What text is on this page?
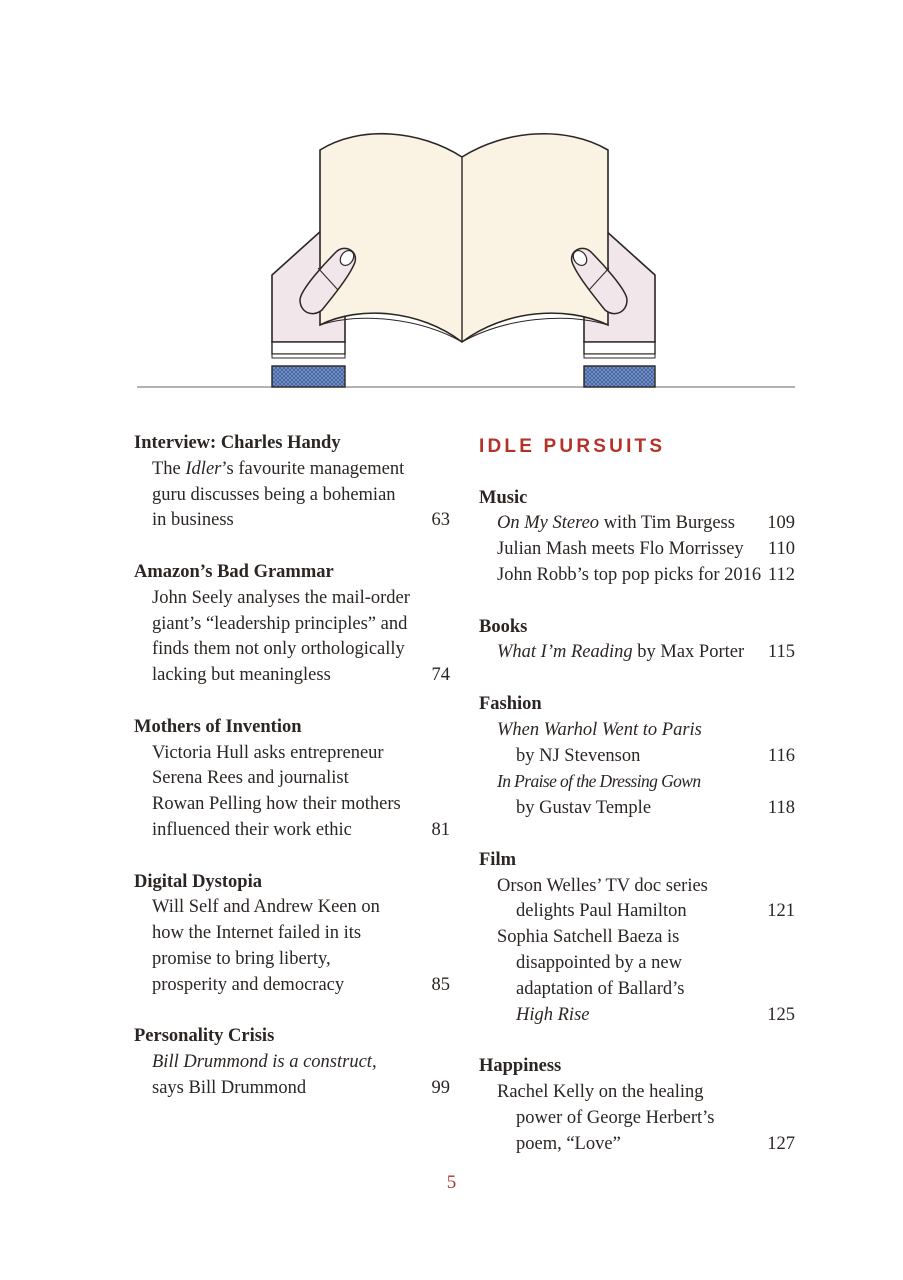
Interview: Charles Handy
The Idler’s favourite management
guru discusses being a bohemian
in business	63
Amazon’s Bad Grammar
John Seely analyses the mail-order
giant’s “leadership principles” and
finds them not only orthologically
lacking but meaningless	74
Mothers of Invention
Victoria Hull asks entrepreneur
Serena Rees and journalist
Rowan Pelling how their mothers
influenced their work ethic	81
Digital Dystopia
Will Self and Andrew Keen on
how the Internet failed in its
promise to bring liberty,
prosperity and democracy	85
Personality Crisis
Bill Drummond is a construct,
says Bill Drummond	99
IDLE PURSUITS
Music
On My Stereo with Tim Burgess 109
Julian Mash meets Flo Morrissey 110
John Robb’s top pop picks for 2016 112
Books
What I’m Reading by Max Porter 115
Fashion
When Warhol Went to Paris
by NJ Stevenson	116
In Praise of the Dressing Gown
by Gustav Temple	118
Film
Orson Welles’ TV doc series
delights Paul Hamilton	121
Sophia Satchell Baeza is
disappointed by a new
adaptation of Ballard’s
High Rise	125
Happiness
Rachel Kelly on the healing
power of George Herbert’s
poem, “Love”	127
5
